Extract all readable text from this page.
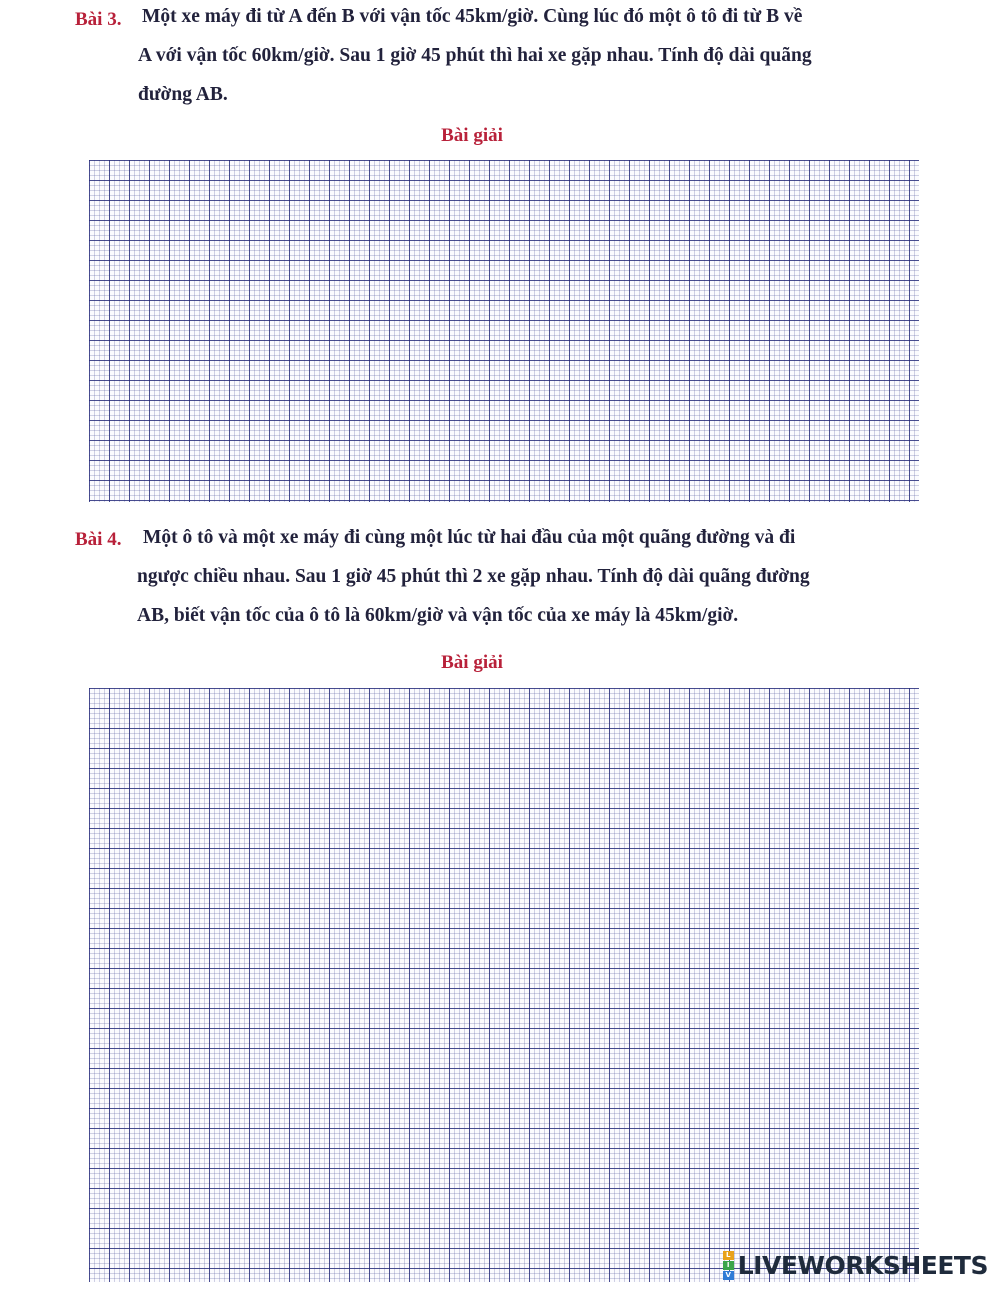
Bài 3. Một xe máy đi từ A đến B với vận tốc 45km/giờ. Cùng lúc đó một ô tô đi từ B về
A với vận tốc 60km/giờ. Sau 1 giờ 45 phút thì hai xe gặp nhau. Tính độ dài quãng
đường AB.
Bài giải
Bài 4. Một ô tô và một xe máy đi cùng một lúc từ hai đầu của một quãng đường và đi
ngược chiều nhau. Sau 1 giờ 45 phút thì 2 xe gặp nhau. Tính độ dài quãng đường
AB, biết vận tốc của ô tô là 60km/giờ và vận tốc của xe máy là 45km/giờ.
Bài giải
L
I
V LIVEWORKSHEETS
